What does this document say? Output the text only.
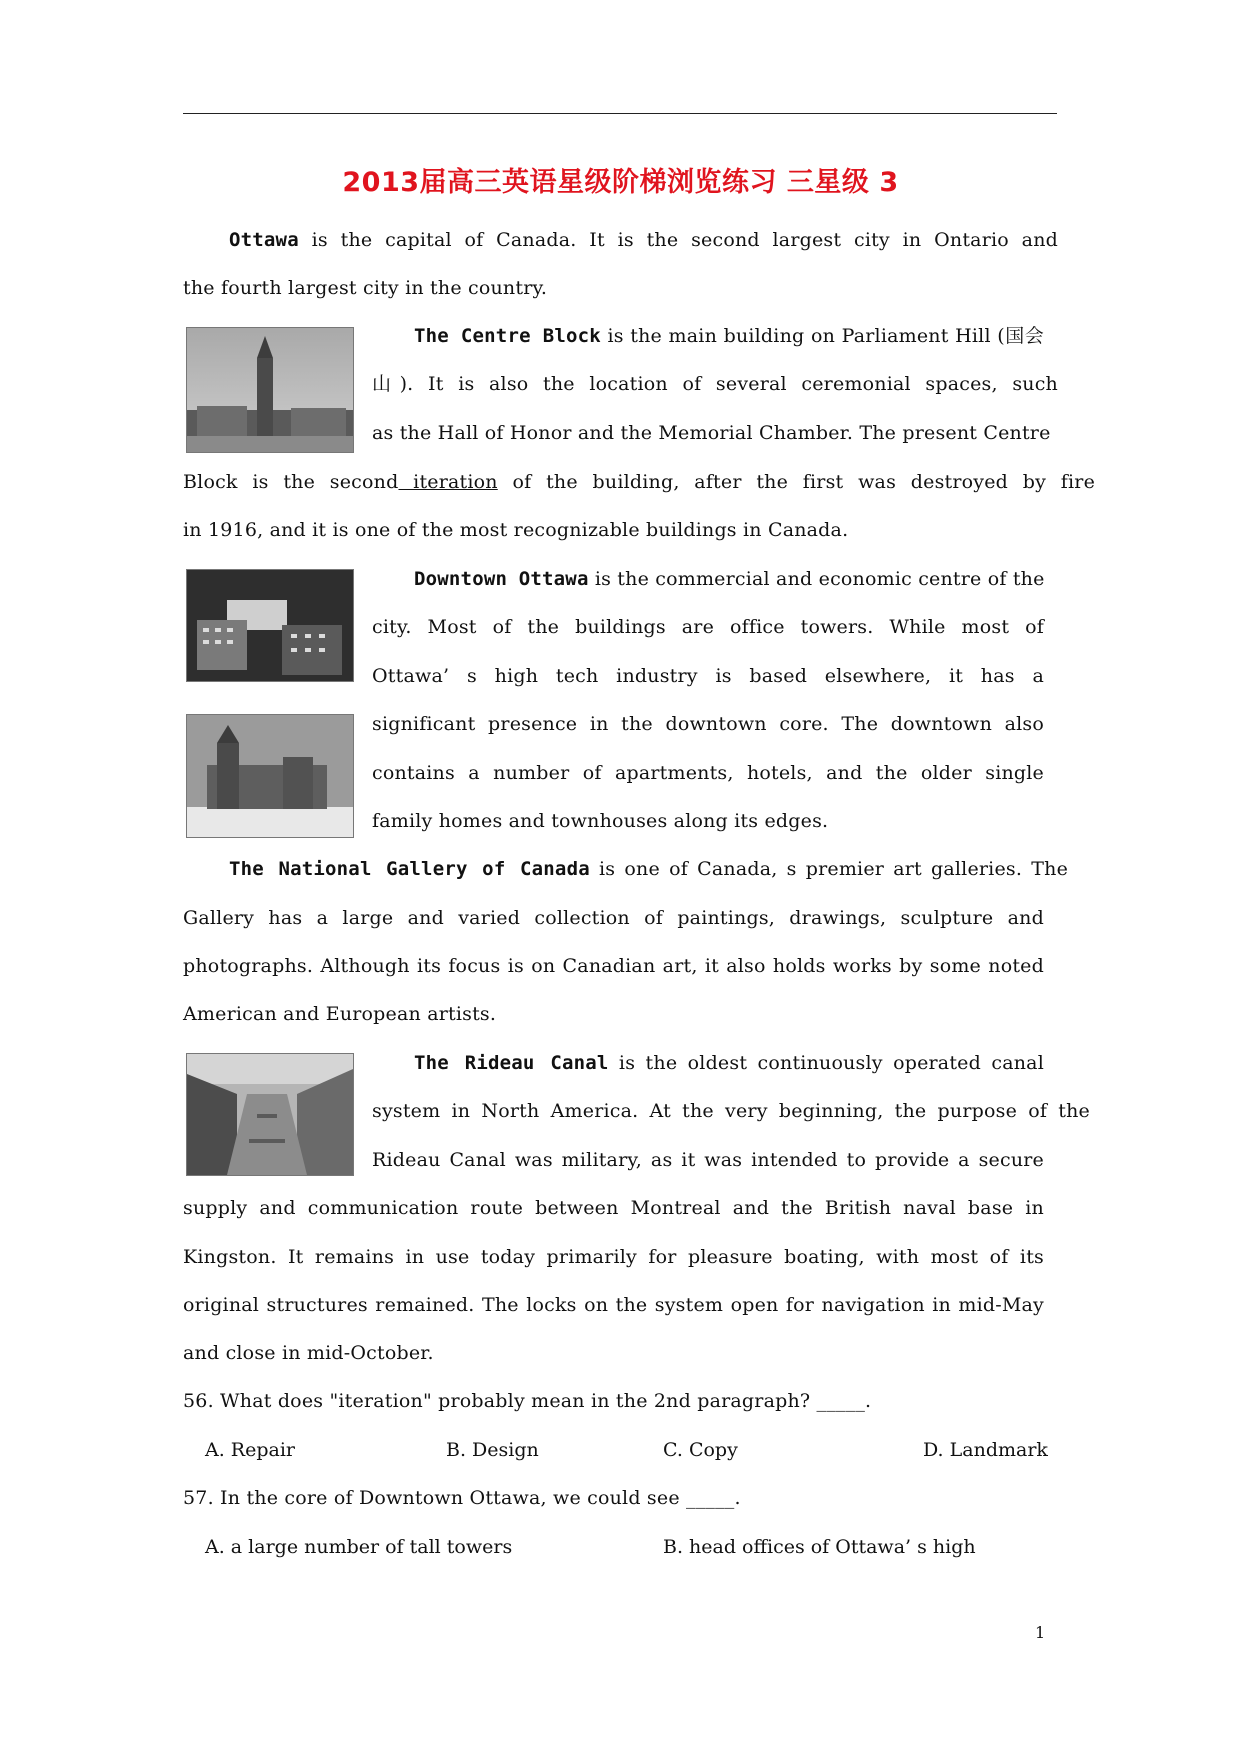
2013届高三英语星级阶梯浏览练习 三星级 3
Ottawa is the capital of Canada. It is the second largest city in Ontario and
the fourth largest city in the country.
The Centre Block is the main building on Parliament Hill (国会
山). It is also the location of several ceremonial spaces, such
as the Hall of Honor and the Memorial Chamber. The present Centre
Block is the second iteration of the building, after the first was destroyed by fire
in 1916, and it is one of the most recognizable buildings in Canada.
Downtown Ottawa is the commercial and economic centre of the
city. Most of the buildings are office towers. While most of
Ottawa’ s high tech industry is based elsewhere, it has a
significant presence in the downtown core. The downtown also
contains a number of apartments, hotels, and the older single
family homes and townhouses along its edges.
The National Gallery of Canada is one of Canada, s premier art galleries. The
Gallery has a large and varied collection of paintings, drawings, sculpture and
photographs. Although its focus is on Canadian art, it also holds works by some noted
American and European artists.
The Rideau Canal is the oldest continuously operated canal
system in North America. At the very beginning, the purpose of the
Rideau Canal was military, as it was intended to provide a secure
supply and communication route between Montreal and the British naval base in
Kingston. It remains in use today primarily for pleasure boating, with most of its
original structures remained. The locks on the system open for navigation in mid-May
and close in mid-October.
56. What does "iteration" probably mean in the 2nd paragraph? _____.
A. Repair	B. Design	C. Copy	D. Landmark
57. In the core of Downtown Ottawa, we could see _____.
A. a large number of tall towers	B. head offices of Ottawa’ s high
1
